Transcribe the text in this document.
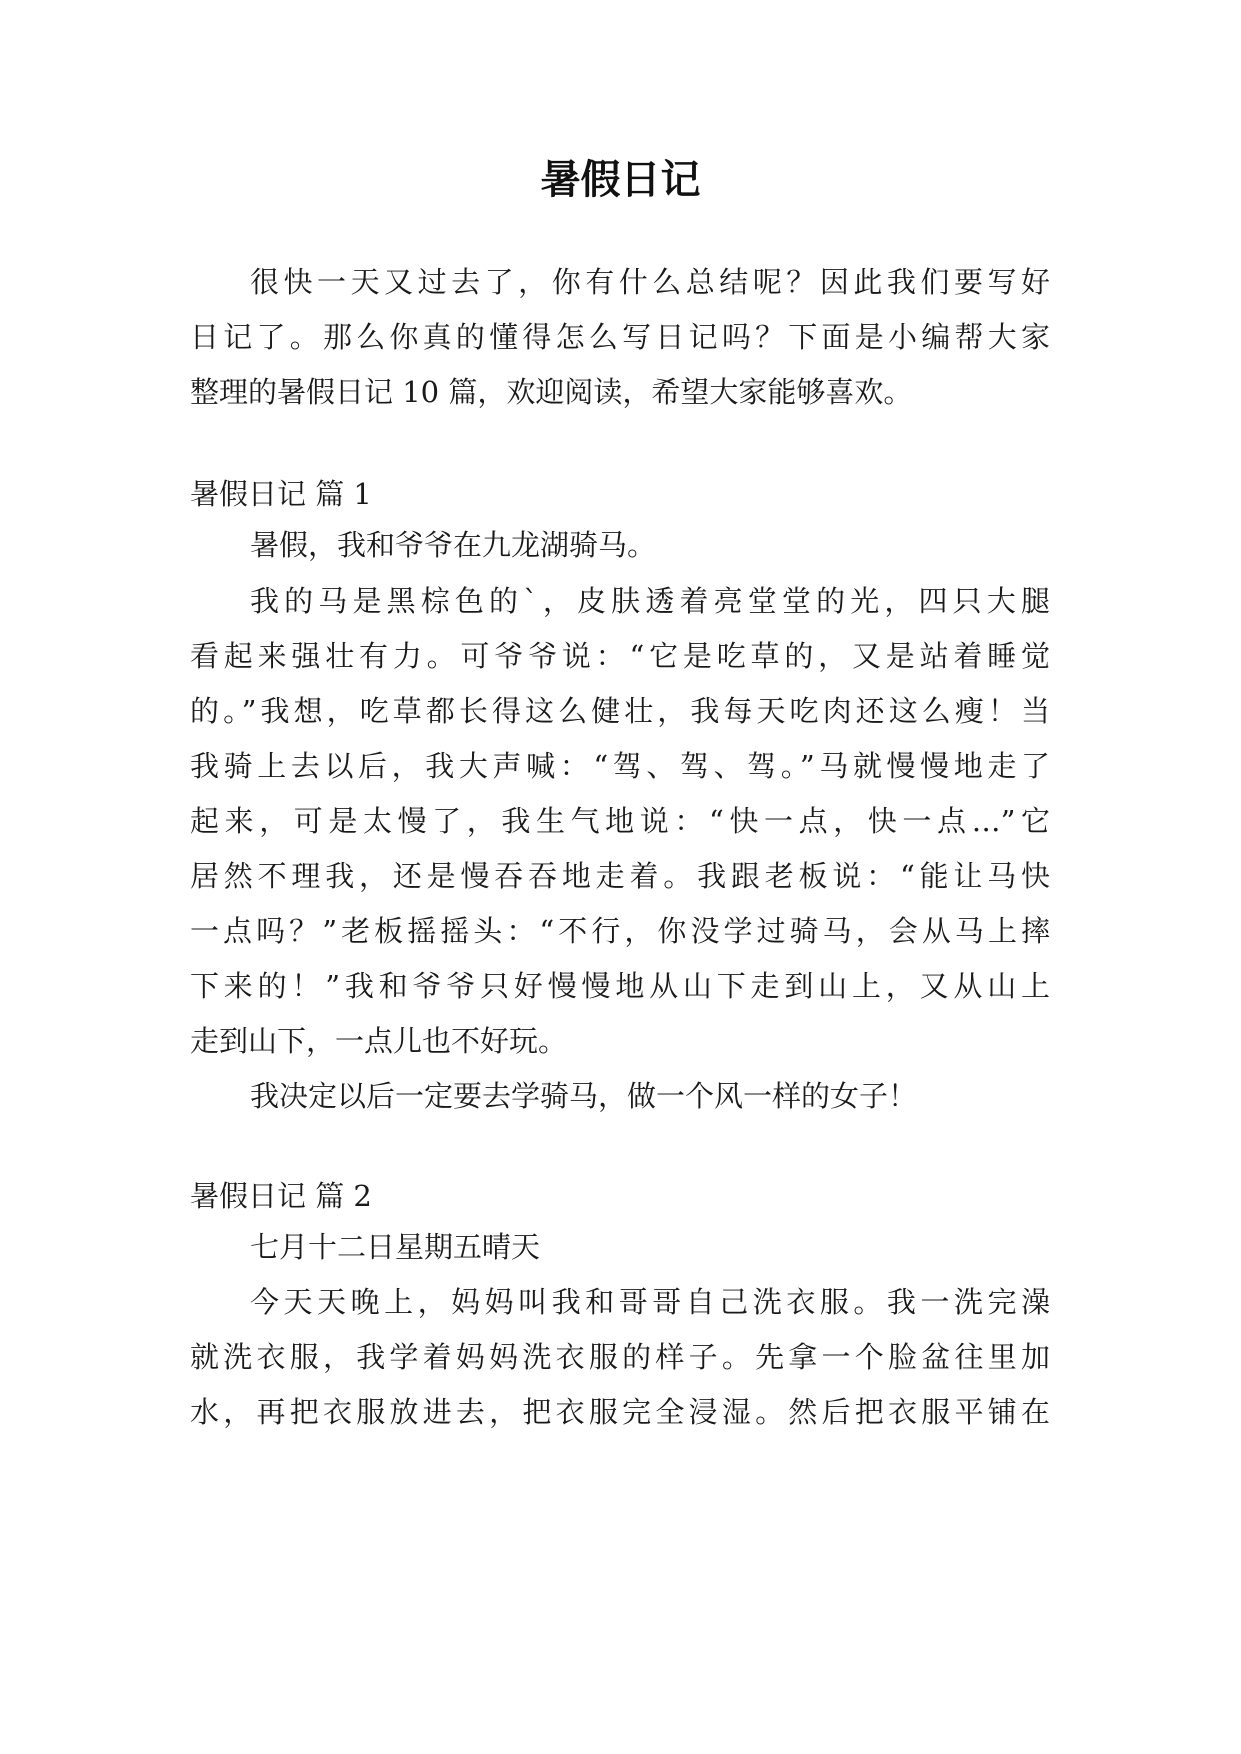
暑假日记
很快一天又过去了，你有什么总结呢？因此我们要写好
日记了。那么你真的懂得怎么写日记吗？下面是小编帮大家
整理的暑假日记 10 篇，欢迎阅读，希望大家能够喜欢。
暑假日记 篇 1
暑假，我和爷爷在九龙湖骑马。
我的马是黑棕色的`，皮肤透着亮堂堂的光，四只大腿
看起来强壮有力。可爷爷说：“它是吃草的，又是站着睡觉
的。”我想，吃草都长得这么健壮，我每天吃肉还这么瘦！当
我骑上去以后，我大声喊：“驾、驾、驾。”马就慢慢地走了
起来，可是太慢了，我生气地说：“快一点，快一点…”它
居然不理我，还是慢吞吞地走着。我跟老板说：“能让马快
一点吗？”老板摇摇头：“不行，你没学过骑马，会从马上摔
下来的！”我和爷爷只好慢慢地从山下走到山上，又从山上
走到山下，一点儿也不好玩。
我决定以后一定要去学骑马，做一个风一样的女子！
暑假日记 篇 2
七月十二日星期五晴天
今天天晚上，妈妈叫我和哥哥自己洗衣服。我一洗完澡
就洗衣服，我学着妈妈洗衣服的样子。先拿一个脸盆往里加
水，再把衣服放进去，把衣服完全浸湿。然后把衣服平铺在
